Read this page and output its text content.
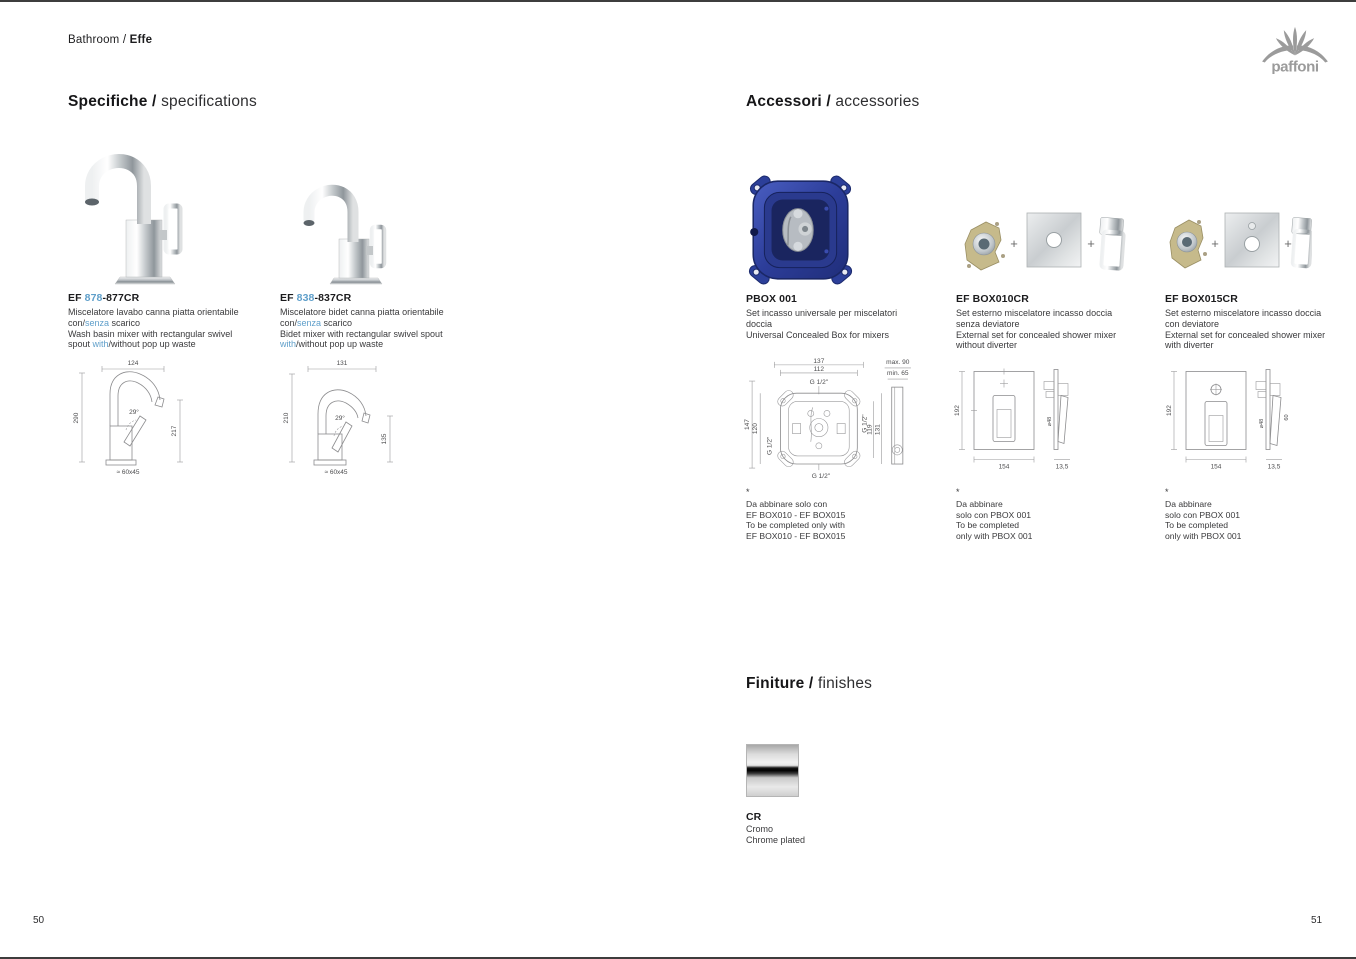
Bathroom / Effe
Specifiche / specifications
EF 878-877CR
Miscelatore lavabo canna piatta orientabile
con/senza scarico
Wash basin mixer with rectangular swivel
spout with/without pop up waste
EF 838-837CR
Miscelatore bidet canna piatta orientabile
con/senza scarico
Bidet mixer with rectangular swivel spout
with/without pop up waste
124
290
217
29°
≈ 60x45
131
210
135
29°
≈ 60x45
50
paffoni
Accessori / accessories
+	+	+	+
PBOX 001
Set incasso universale per miscelatori
doccia
Universal Concealed Box for mixers

EF BOX010CR
Set esterno miscelatore incasso doccia
senza deviatore
External set for concealed shower mixer
without diverter
EF BOX015CR
Set esterno miscelatore incasso doccia
con deviatore
External set for concealed shower mixer
with diverter
137
112
G 1/2"
147 120
G 1/2"
G 1/2"
119 131
G 1/2"
max. 90
min. 65
192
154
⌀48
13,5
192
154
⌀48
60
13,5
*
Da abbinare solo con
EF BOX010 - EF BOX015
To be completed only with
EF BOX010 - EF BOX015
*
Da abbinare
solo con PBOX 001
To be completed
only with PBOX 001
*
Da abbinare
solo con PBOX 001
To be completed
only with PBOX 001
Finiture / finishes
CR
Cromo
Chrome plated
51
